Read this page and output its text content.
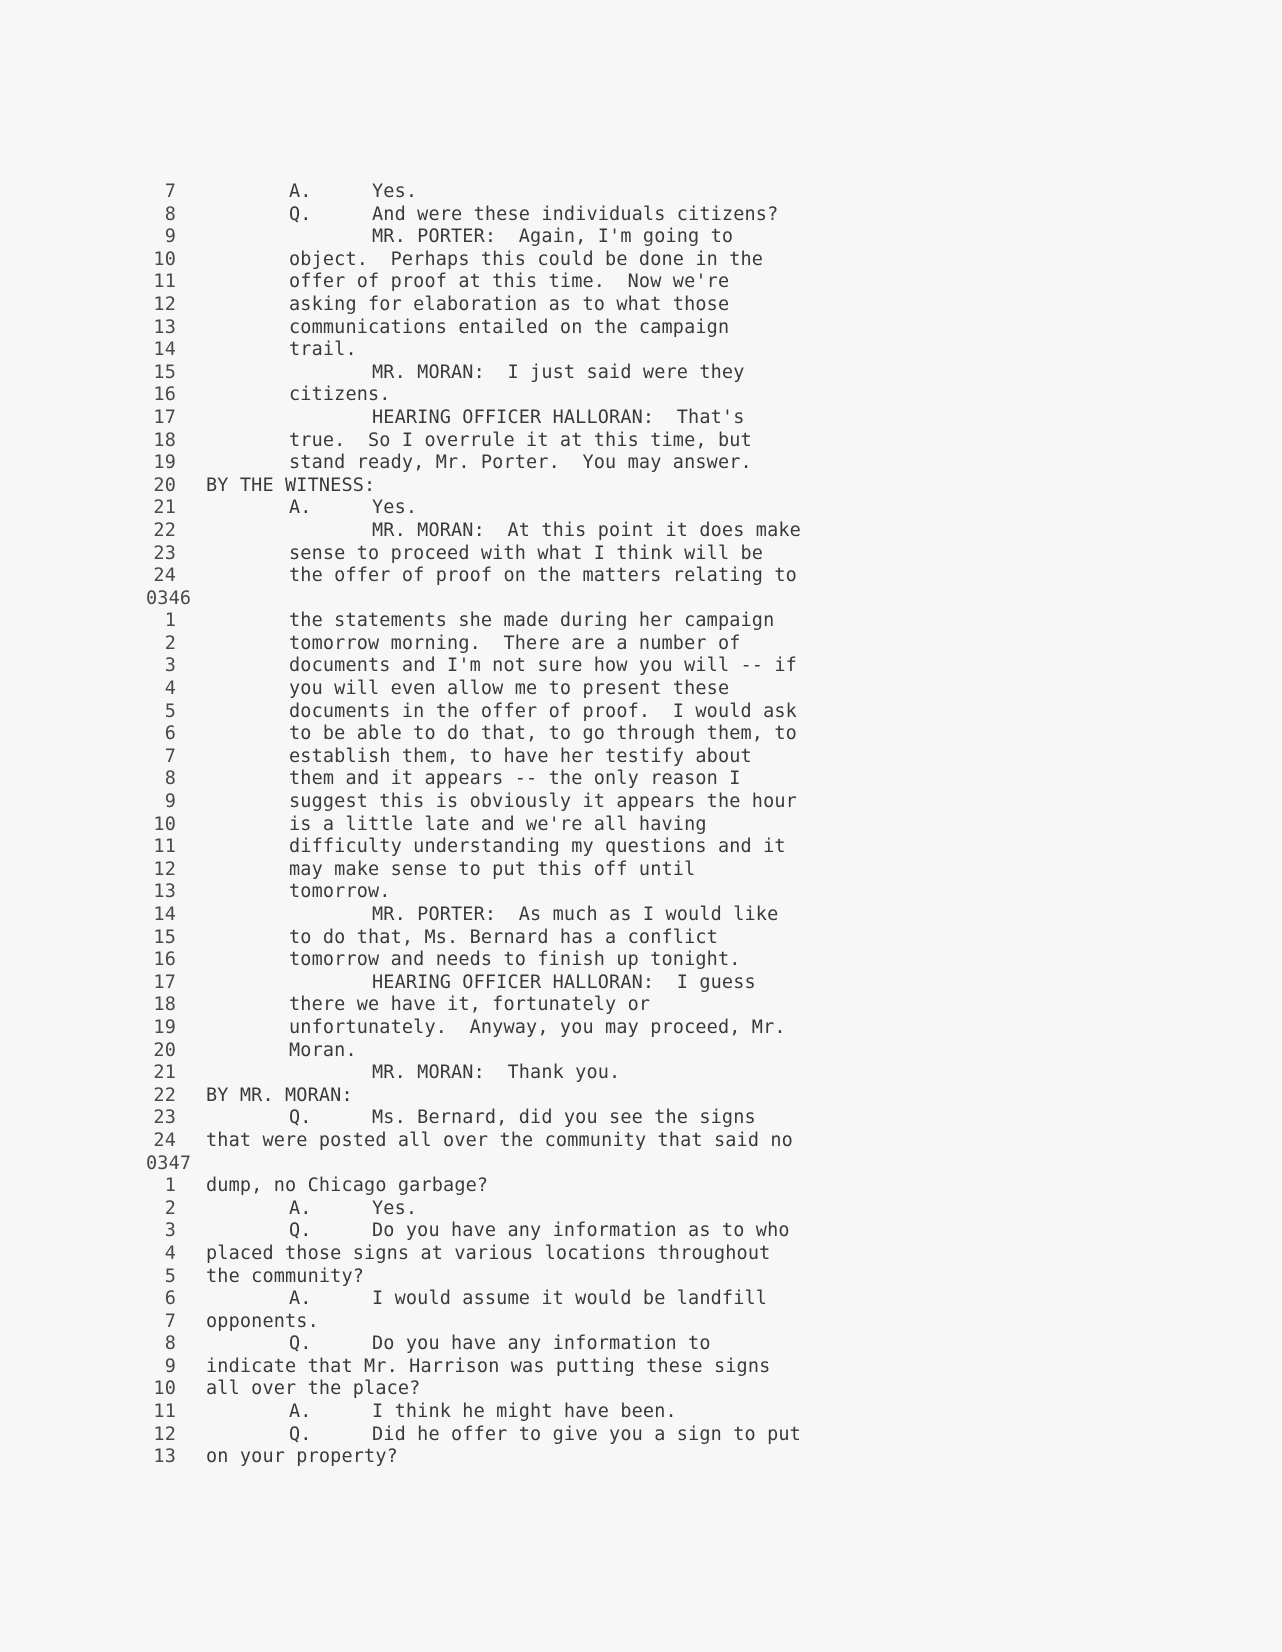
7	A.	Yes.
8	Q.	And were these individuals citizens?
9	MR. PORTER:  Again, I'm going to
10	object.  Perhaps this could be done in the
11	offer of proof at this time.  Now we're
12	asking for elaboration as to what those
13	communications entailed on the campaign
14	trail.
15	MR. MORAN:  I just said were they
16	citizens.
17	HEARING OFFICER HALLORAN:  That's
18	true.  So I overrule it at this time, but
19	stand ready, Mr. Porter.  You may answer.
20 BY THE WITNESS:
21	A.	Yes.
22	MR. MORAN:  At this point it does make
23	sense to proceed with what I think will be
24	the offer of proof on the matters relating to
0346
1	the statements she made during her campaign
2	tomorrow morning.  There are a number of
3	documents and I'm not sure how you will -- if
4	you will even allow me to present these
5	documents in the offer of proof.  I would ask
6	to be able to do that, to go through them, to
7	establish them, to have her testify about
8	them and it appears -- the only reason I
9	suggest this is obviously it appears the hour
10	is a little late and we're all having
11	difficulty understanding my questions and it
12	may make sense to put this off until
13	tomorrow.
14	MR. PORTER:  As much as I would like
15	to do that, Ms. Bernard has a conflict
16	tomorrow and needs to finish up tonight.
17	HEARING OFFICER HALLORAN:  I guess
18	there we have it, fortunately or
19	unfortunately.  Anyway, you may proceed, Mr.
20	Moran.
21	MR. MORAN:  Thank you.
22 BY MR. MORAN:
23	Q.	Ms. Bernard, did you see the signs
24 that were posted all over the community that said no
0347
1 dump, no Chicago garbage?
2	A.	Yes.
3	Q.	Do you have any information as to who
4 placed those signs at various locations throughout
5 the community?
6	A.	I would assume it would be landfill
7 opponents.
8	Q.	Do you have any information to
9 indicate that Mr. Harrison was putting these signs
10 all over the place?
11	A.	I think he might have been.
12	Q.	Did he offer to give you a sign to put
13 on your property?
